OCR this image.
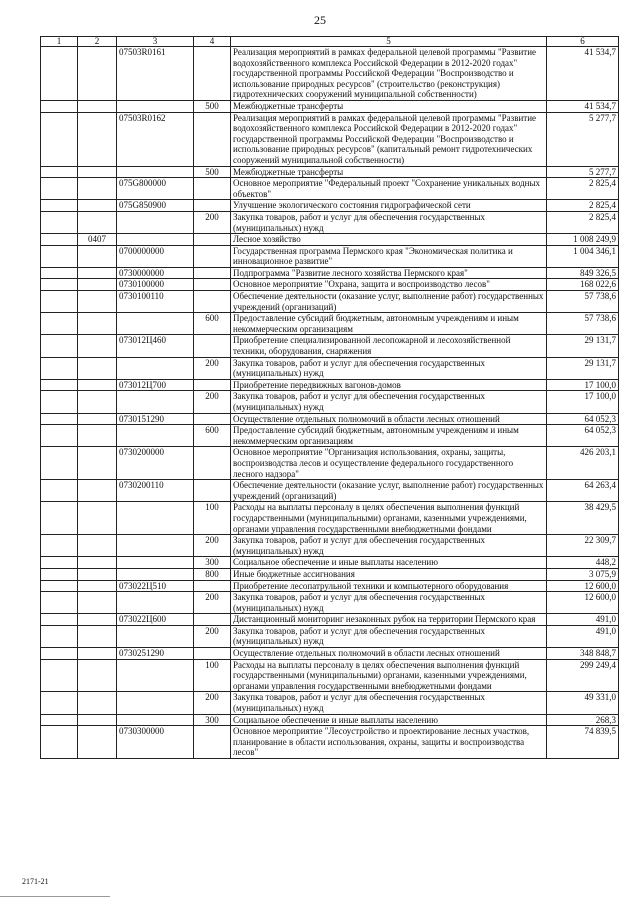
25
1	2	3	4	5	6
		07503R0161		Реализация мероприятий в рамках федеральной целевой программы "Развитие водохозяйственного комплекса Российской Федерации в 2012-2020 годах" государственной программы Российской Федерации "Воспроизводство и использование природных ресурсов" (строительство (реконструкция) гидротехнических сооружений муниципальной собственности)	41 534,7
			500	Межбюджетные трансферты	41 534,7
		07503R0162		Реализация мероприятий в рамках федеральной целевой программы "Развитие водохозяйственного комплекса Российской Федерации в 2012-2020 годах" государственной программы Российской Федерации "Воспроизводство и использование природных ресурсов" (капитальный ремонт гидротехнических сооружений муниципальной собственности)	5 277,7
			500	Межбюджетные трансферты	5 277,7
		075G800000		Основное мероприятие "Федеральный проект "Сохранение уникальных водных объектов"	2 825,4
		075G850900		Улучшение экологического состояния гидрографической сети	2 825,4
			200	Закупка товаров, работ и услуг для обеспечения государственных (муниципальных) нужд	2 825,4
	0407			Лесное хозяйство	1 008 249,9
		0700000000		Государственная программа Пермского края "Экономическая политика и инновационное развитие"	1 004 346,1
		0730000000		Подпрограмма "Развитие лесного хозяйства Пермского края"	849 326,5
		0730100000		Основное мероприятие "Охрана, защита и воспроизводство лесов"	168 022,6
		0730100110		Обеспечение деятельности (оказание услуг, выполнение работ) государственных учреждений (организаций)	57 738,6
			600	Предоставление субсидий бюджетным, автономным учреждениям и иным некоммерческим организациям	57 738,6
		073012Ц460		Приобретение специализированной лесопожарной и лесохозяйственной техники, оборудования, снаряжения	29 131,7
			200	Закупка товаров, работ и услуг для обеспечения государственных (муниципальных) нужд	29 131,7
		073012Ц700		Приобретение передвижных вагонов-домов	17 100,0
			200	Закупка товаров, работ и услуг для обеспечения государственных (муниципальных) нужд	17 100,0
		0730151290		Осуществление отдельных полномочий в области лесных отношений	64 052,3
			600	Предоставление субсидий бюджетным, автономным учреждениям и иным некоммерческим организациям	64 052,3
		0730200000		Основное мероприятие "Организация использования, охраны, защиты, воспроизводства лесов и осуществление федерального государственного лесного надзора"	426 203,1
		0730200110		Обеспечение деятельности (оказание услуг, выполнение работ) государственных учреждений (организаций)	64 263,4
			100	Расходы на выплаты персоналу в целях обеспечения выполнения функций государственными (муниципальными) органами, казенными учреждениями, органами управления государственными внебюджетными фондами	38 429,5
			200	Закупка товаров, работ и услуг для обеспечения государственных (муниципальных) нужд	22 309,7
			300	Социальное обеспечение и иные выплаты населению	448,2
			800	Иные бюджетные ассигнования	3 075,9
		073022Ц510		Приобретение лесопатрульной техники и компьютерного оборудования	12 600,0
			200	Закупка товаров, работ и услуг для обеспечения государственных (муниципальных) нужд	12 600,0
		073022Ц600		Дистанционный мониторинг незаконных рубок на территории Пермского края	491,0
			200	Закупка товаров, работ и услуг для обеспечения государственных (муниципальных) нужд	491,0
		0730251290		Осуществление отдельных полномочий в области лесных отношений	348 848,7
			100	Расходы на выплаты персоналу в целях обеспечения выполнения функций государственными (муниципальными) органами, казенными учреждениями, органами управления государственными внебюджетными фондами	299 249,4
			200	Закупка товаров, работ и услуг для обеспечения государственных (муниципальных) нужд	49 331,0
			300	Социальное обеспечение и иные выплаты населению	268,3
		0730300000		Основное мероприятие "Лесоустройство и проектирование лесных участков, планирование в области использования, охраны, защиты и воспроизводства лесов"	74 839,5
2171-21
